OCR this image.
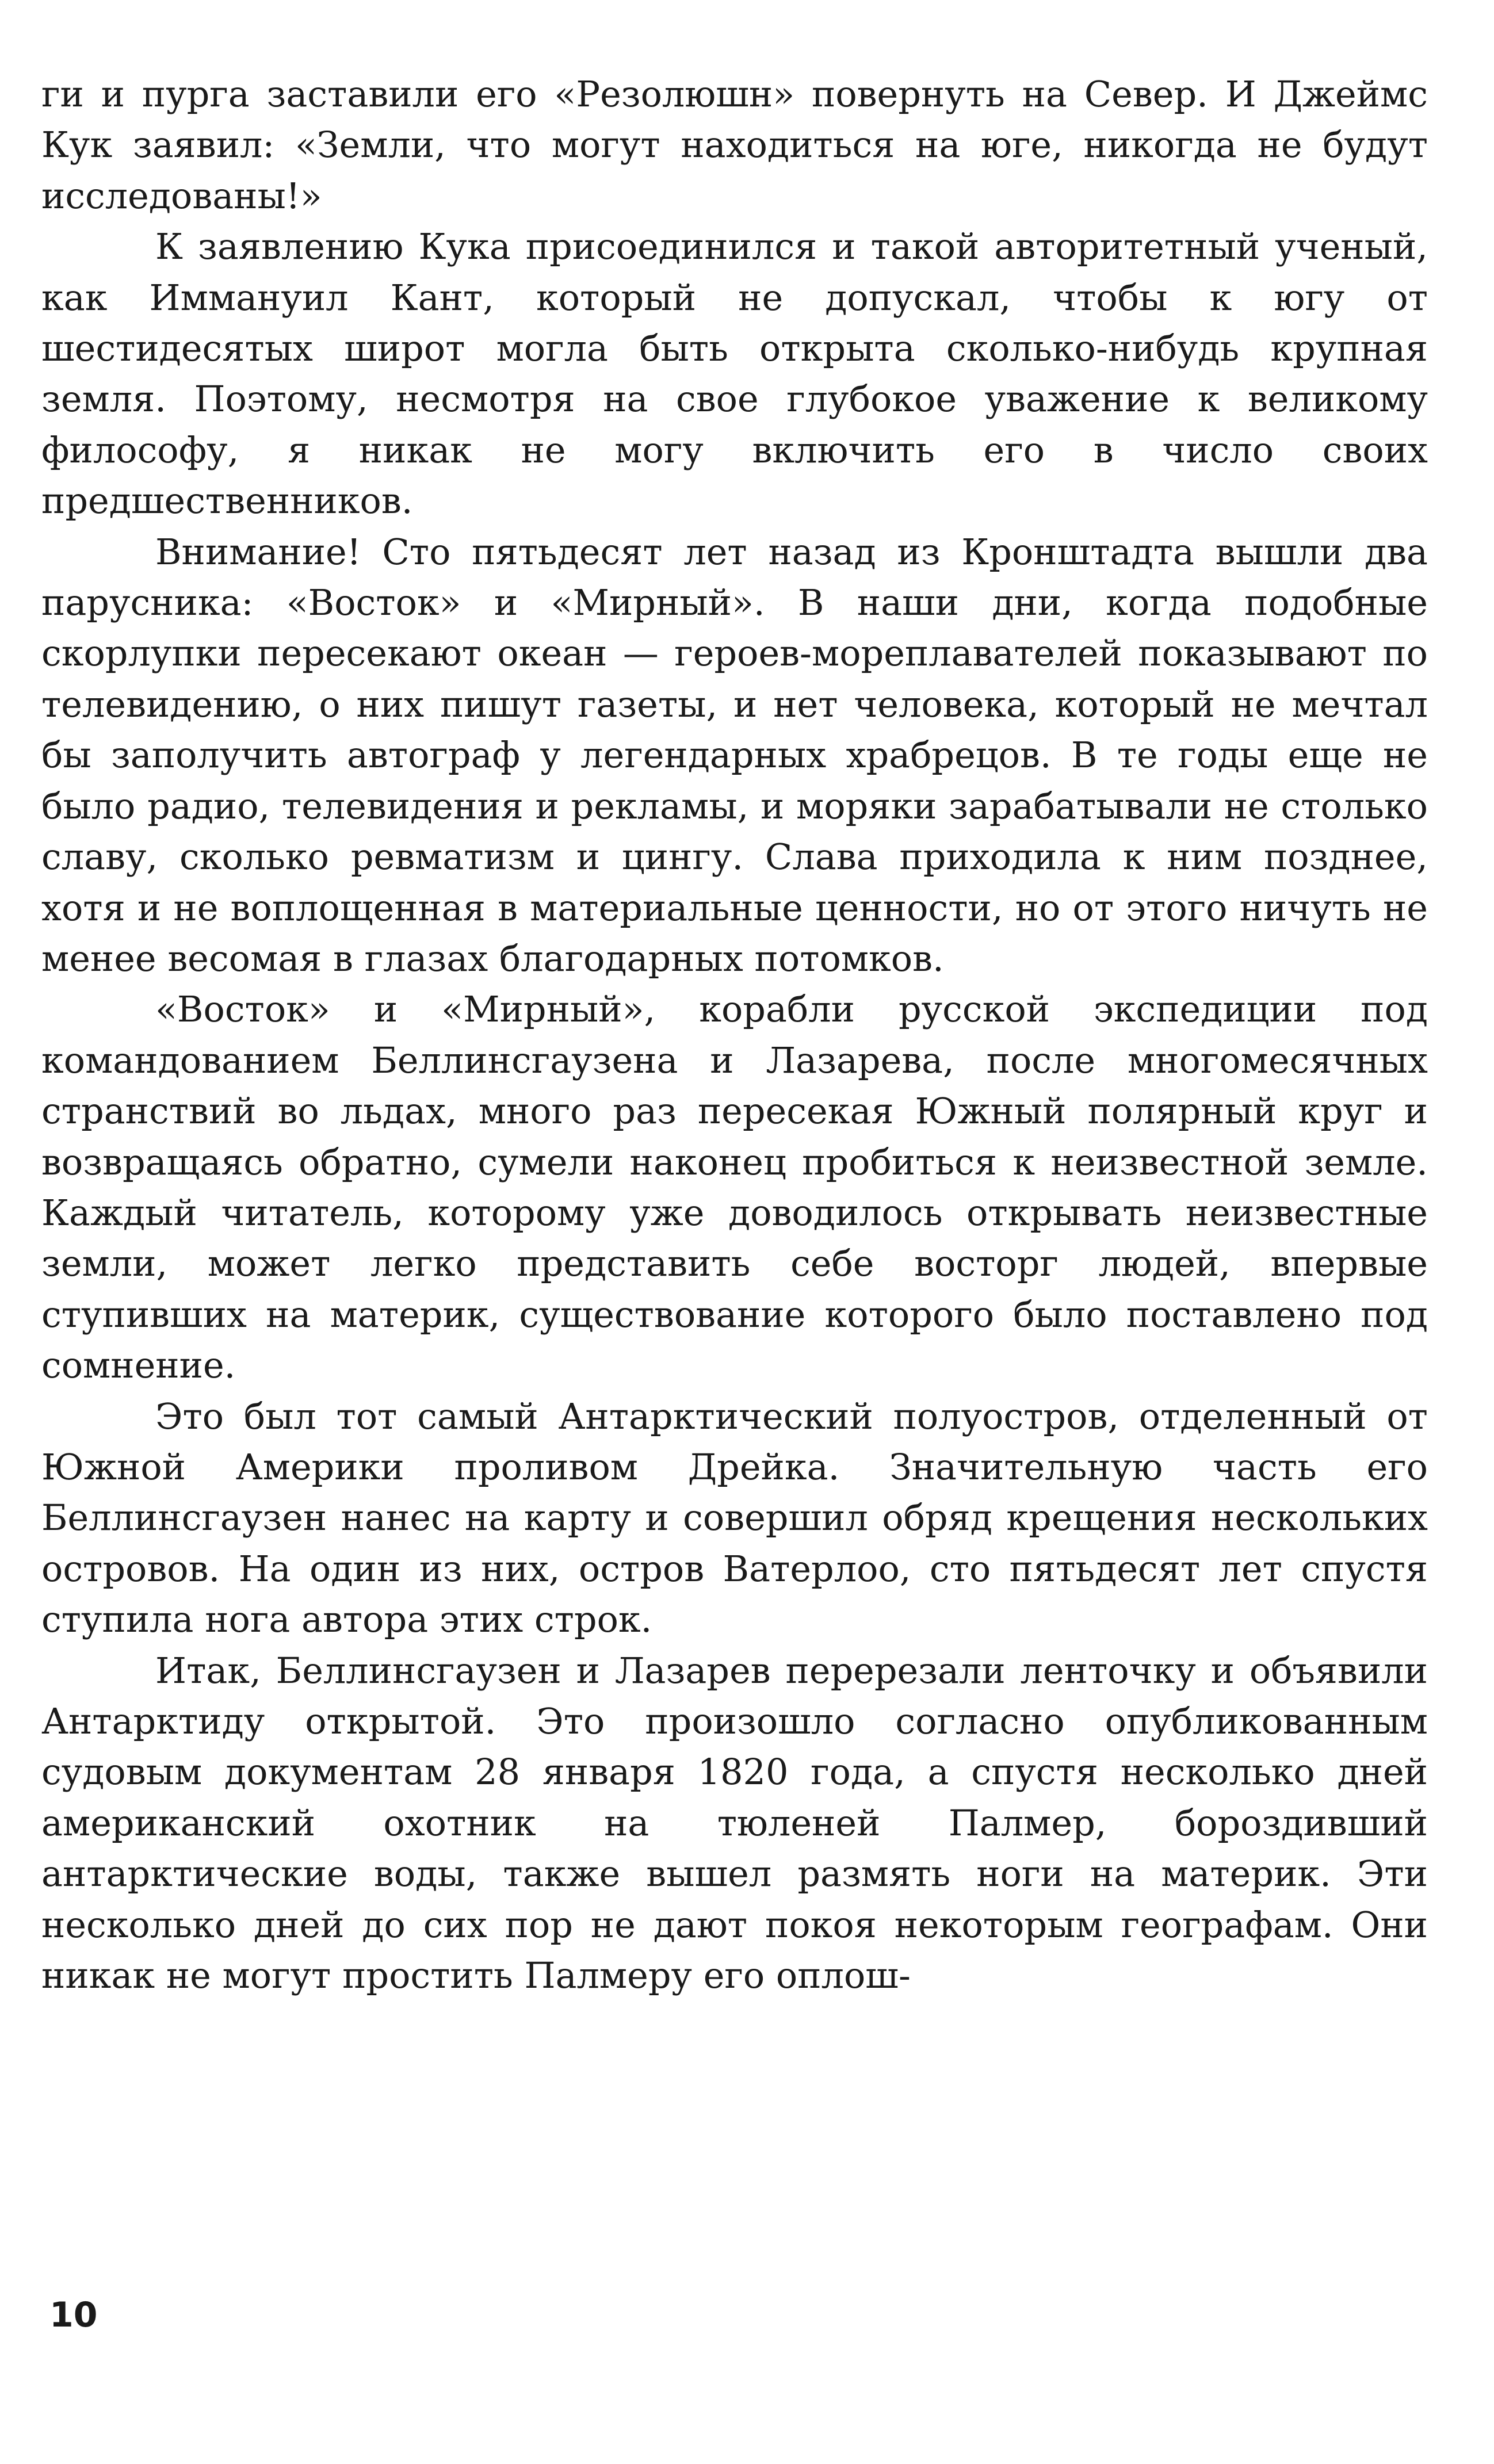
ги и пурга заставили его «Резолюшн» повернуть на Север. И Джеймс Кук заявил: «Земли, что могут находиться на юге, никогда не будут исследованы!»

К заявлению Кука присоединился и такой авторитетный ученый, как Иммануил Кант, который не допускал, чтобы к югу от шестидесятых широт могла быть открыта сколько-нибудь крупная земля. Поэтому, несмотря на свое глубокое уважение к великому философу, я никак не могу включить его в число своих предшественников.

Внимание! Сто пятьдесят лет назад из Кронштадта вышли два парусника: «Восток» и «Мирный». В наши дни, когда подобные скорлупки пересекают океан — героев-мореплавателей показывают по телевидению, о них пишут газеты, и нет человека, который не мечтал бы заполучить автограф у легендарных храбрецов. В те годы еще не было радио, телевидения и рекламы, и моряки зарабатывали не столько славу, сколько ревматизм и цингу. Слава приходила к ним позднее, хотя и не воплощенная в материальные ценности, но от этого ничуть не менее весомая в глазах благодарных потомков.

«Восток» и «Мирный», корабли русской экспедиции под командованием Беллинсгаузена и Лазарева, после многомесячных странствий во льдах, много раз пересекая Южный полярный круг и возвращаясь обратно, сумели наконец пробиться к неизвестной земле. Каждый читатель, которому уже доводилось открывать неизвестные земли, может легко представить себе восторг людей, впервые ступивших на материк, существование которого было поставлено под сомнение.

Это был тот самый Антарктический полуостров, отделенный от Южной Америки проливом Дрейка. Значительную часть его Беллинсгаузен нанес на карту и совершил обряд крещения нескольких островов. На один из них, остров Ватерлоо, сто пятьдесят лет спустя ступила нога автора этих строк.

Итак, Беллинсгаузен и Лазарев перерезали ленточку и объявили Антарктиду открытой. Это произошло согласно опубликованным судовым документам 28 января 1820 года, а спустя несколько дней американский охотник на тюленей Палмер, бороздивший антарктические воды, также вышел размять ноги на материк. Эти несколько дней до сих пор не дают покоя некоторым географам. Они никак не могут простить Палмеру его оплош-

10
